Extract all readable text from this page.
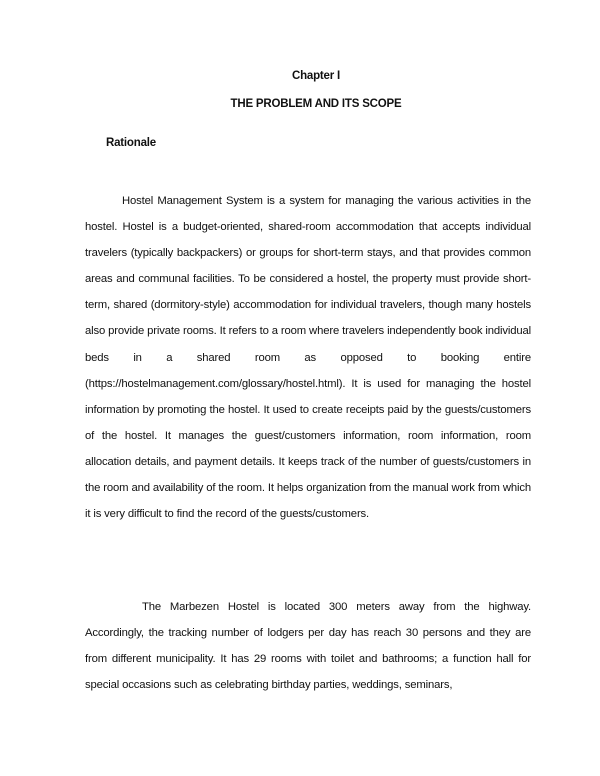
Chapter I
THE PROBLEM AND ITS SCOPE
Rationale

Hostel Management System is a system for managing the various activities in the hostel. Hostel is a budget-oriented, shared-room accommodation that accepts individual travelers (typically backpackers) or groups for short-term stays, and that provides common areas and communal facilities. To be considered a hostel, the property must provide short-term, shared (dormitory-style) accommodation for individual travelers, though many hostels also provide private rooms. It refers to a room where travelers independently book individual beds in a shared room as opposed to booking entire (https://hostelmanagement.com/glossary/hostel.html). It is used for managing the hostel information by promoting the hostel. It used to create receipts paid by the guests/customers of the hostel. It manages the guest/customers information, room information, room allocation details, and payment details. It keeps track of the number of guests/customers in the room and availability of the room. It helps organization from the manual work from which it is very difficult to find the record of the guests/customers.

The Marbezen Hostel is located 300 meters away from the highway. Accordingly, the tracking number of lodgers per day has reach 30 persons and they are from different municipality. It has 29 rooms with toilet and bathrooms; a function hall for special occasions such as celebrating birthday parties, weddings, seminars,
